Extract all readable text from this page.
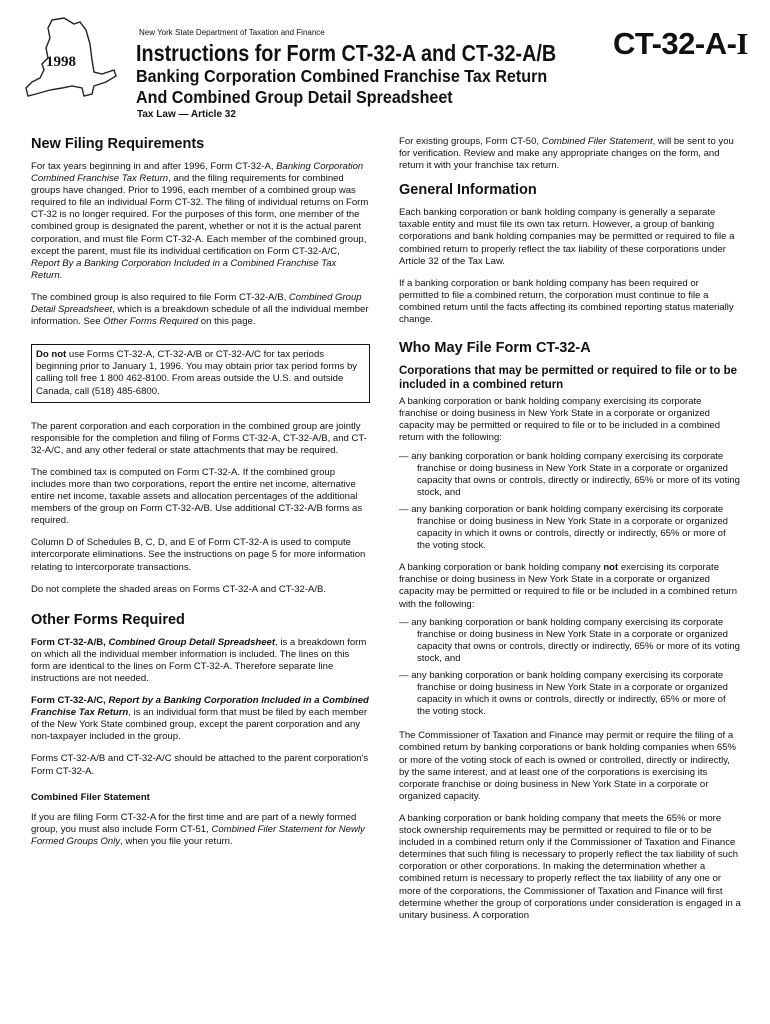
1998
New York State Department of Taxation and Finance	CT-32-A-I
Instructions for Form CT-32-A and CT-32-A/B
Banking Corporation Combined Franchise Tax Return
And Combined Group Detail Spreadsheet
Tax Law — Article 32
New Filing Requirements

For tax years beginning in and after 1996, Form CT-32-A, Banking Corporation Combined Franchise Tax Return, and the filing requirements for combined groups have changed. Prior to 1996, each member of a combined group was required to file an individual Form CT-32. The filing of individual returns on Form CT-32 is no longer required. For the purposes of this form, one member of the combined group is designated the parent, whether or not it is the actual parent corporation, and must file Form CT-32-A. Each member of the combined group, except the parent, must file its individual certification on Form CT-32-A/C, Report By a Banking Corporation Included in a Combined Franchise Tax Return.

The combined group is also required to file Form CT-32-A/B, Combined Group Detail Spreadsheet, which is a breakdown schedule of all the individual member information. See Other Forms Required on this page.

Do not use Forms CT-32-A, CT-32-A/B or CT-32-A/C for tax periods beginning prior to January 1, 1996. You may obtain prior tax period forms by calling toll free 1 800 462-8100. From areas outside the U.S. and outside Canada, call (518) 485-6800.

The parent corporation and each corporation in the combined group are jointly responsible for the completion and filing of Forms CT-32-A, CT-32-A/B, and CT-32-A/C, and any other federal or state attachments that may be required.

The combined tax is computed on Form CT-32-A. If the combined group includes more than two corporations, report the entire net income, alternative entire net income, taxable assets and allocation percentages of the additional members of the group on Form CT-32-A/B. Use additional CT-32-A/B forms as required.

Column D of Schedules B, C, D, and E of Form CT-32-A is used to compute intercorporate eliminations. See the instructions on page 5 for more information relating to intercorporate transactions.

Do not complete the shaded areas on Forms CT-32-A and CT-32-A/B.

Other Forms Required

Form CT-32-A/B, Combined Group Detail Spreadsheet, is a breakdown form on which all the individual member information is included. The lines on this form are identical to the lines on Form CT-32-A. Therefore separate line instructions are not needed.

Form CT-32-A/C, Report by a Banking Corporation Included in a Combined Franchise Tax Return, is an individual form that must be filed by each member of the New York State combined group, except the parent corporation and any non-taxpayer included in the group.

Forms CT-32-A/B and CT-32-A/C should be attached to the parent corporation's Form CT-32-A.

Combined Filer Statement

If you are filing Form CT-32-A for the first time and are part of a newly formed group, you must also include Form CT-51, Combined Filer Statement for Newly Formed Groups Only, when you file your return.

For existing groups, Form CT-50, Combined Filer Statement, will be sent to you for verification. Review and make any appropriate changes on the form, and return it with your franchise tax return.

General Information

Each banking corporation or bank holding company is generally a separate taxable entity and must file its own tax return. However, a group of banking corporations and bank holding companies may be permitted or required to file a combined return to properly reflect the tax liability of these corporations under Article 32 of the Tax Law.

If a banking corporation or bank holding company has been required or permitted to file a combined return, the corporation must continue to file a combined return until the facts affecting its combined reporting status materially change.

Who May File Form CT-32-A
Corporations that may be permitted or required to file or to be included in a combined return

A banking corporation or bank holding company exercising its corporate franchise or doing business in New York State in a corporate or organized capacity may be permitted or required to file or to be included in a combined return with the following:

— any banking corporation or bank holding company exercising its corporate franchise or doing business in New York State in a corporate or organized capacity that owns or controls, directly or indirectly, 65% or more of its voting stock, and
— any banking corporation or bank holding company exercising its corporate franchise or doing business in New York State in a corporate or organized capacity in which it owns or controls, directly or indirectly, 65% or more of the voting stock.

A banking corporation or bank holding company not exercising its corporate franchise or doing business in New York State in a corporate or organized capacity may be permitted or required to file or be included in a combined return with the following:

— any banking corporation or bank holding company exercising its corporate franchise or doing business in New York State in a corporate or organized capacity that owns or controls, directly or indirectly, 65% or more of its voting stock, and
— any banking corporation or bank holding company exercising its corporate franchise or doing business in New York State in a corporate or organized capacity in which it owns or controls, directly or indirectly, 65% or more of the voting stock.

The Commissioner of Taxation and Finance may permit or require the filing of a combined return by banking corporations or bank holding companies when 65% or more of the voting stock of each is owned or controlled, directly or indirectly, by the same interest, and at least one of the corporations is exercising its corporate franchise or doing business in New York State in a corporate or organized capacity.

A banking corporation or bank holding company that meets the 65% or more stock ownership requirements may be permitted or required to file or to be included in a combined return only if the Commissioner of Taxation and Finance determines that such filing is necessary to properly reflect the tax liability of such corporation or other corporations. In making the determination whether a combined return is necessary to properly reflect the tax liability of any one or more of the corporations, the Commissioner of Taxation and Finance will first determine whether the group of corporations under consideration is engaged in a unitary business. A corporation
